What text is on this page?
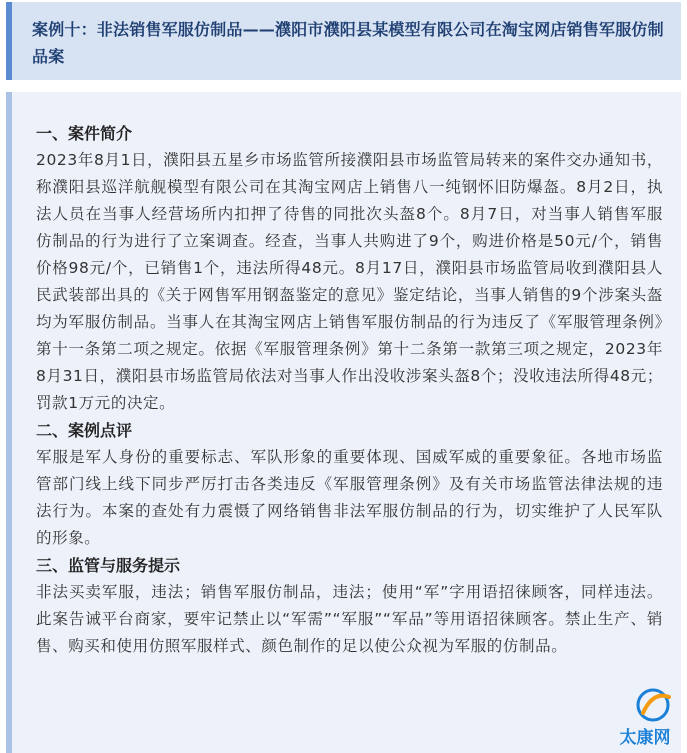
案例十：非法销售军服仿制品——濮阳市濮阳县某模型有限公司在淘宝网店销售军服仿制品案
一、案件简介

2023年8月1日，濮阳县五星乡市场监管所接濮阳县市场监管局转来的案件交办通知书，称濮阳县巡洋航舰模型有限公司在其淘宝网店上销售八一纯钢怀旧防爆盔。8月2日，执法人员在当事人经营场所内扣押了待售的同批次头盔8个。8月7日，对当事人销售军服仿制品的行为进行了立案调查。经查，当事人共购进了9个，购进价格是50元/个，销售价格98元/个，已销售1个，违法所得48元。8月17日，濮阳县市场监管局收到濮阳县人民武装部出具的《关于网售军用钢盔鉴定的意见》鉴定结论，当事人销售的9个涉案头盔均为军服仿制品。当事人在其淘宝网店上销售军服仿制品的行为违反了《军服管理条例》第十一条第二项之规定。依据《军服管理条例》第十二条第一款第三项之规定，2023年8月31日，濮阳县市场监管局依法对当事人作出没收涉案头盔8个；没收违法所得48元；罚款1万元的决定。

二、案例点评

军服是军人身份的重要标志、军队形象的重要体现、国威军威的重要象征。各地市场监管部门线上线下同步严厉打击各类违反《军服管理条例》及有关市场监管法律法规的违法行为。本案的查处有力震慑了网络销售非法军服仿制品的行为，切实维护了人民军队的形象。

三、监管与服务提示

非法买卖军服，违法；销售军服仿制品，违法；使用“军”字用语招徕顾客，同样违法。此案告诫平台商家，要牢记禁止以“军需”“军服”“军品”等用语招徕顾客。禁止生产、销售、购买和使用仿照军服样式、颜色制作的足以使公众视为军服的仿制品。

太康网
